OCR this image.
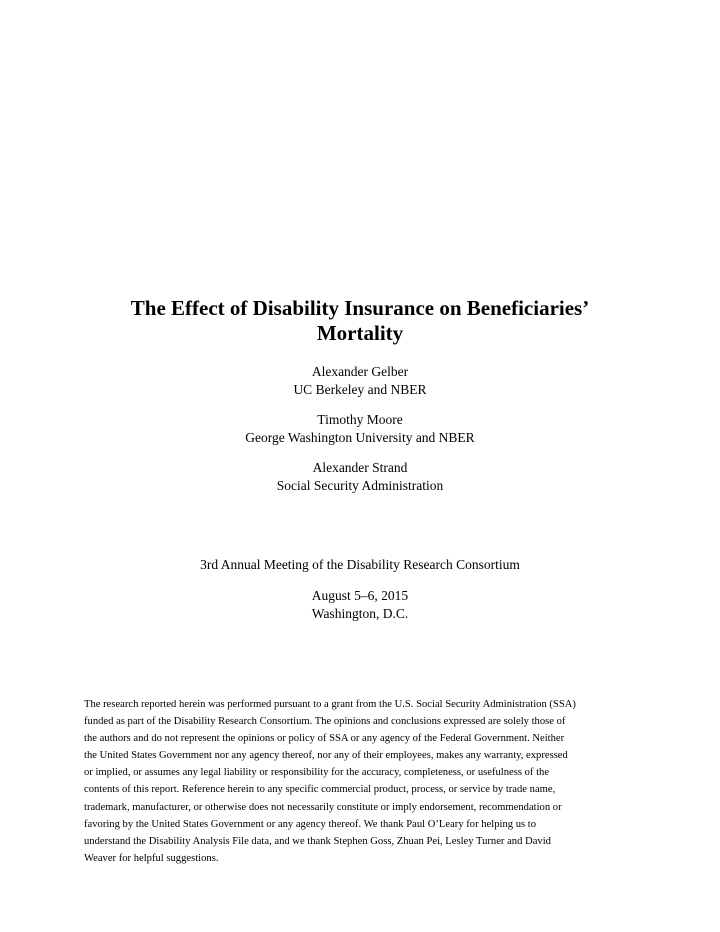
The Effect of Disability Insurance on Beneficiaries’
Mortality
Alexander Gelber
UC Berkeley and NBER
Timothy Moore
George Washington University and NBER
Alexander Strand
Social Security Administration
3rd Annual Meeting of the Disability Research Consortium
August 5–6, 2015
Washington, D.C.
The research reported herein was performed pursuant to a grant from the U.S. Social Security Administration (SSA)
funded as part of the Disability Research Consortium. The opinions and conclusions expressed are solely those of
the authors and do not represent the opinions or policy of SSA or any agency of the Federal Government. Neither
the United States Government nor any agency thereof, nor any of their employees, makes any warranty, expressed
or implied, or assumes any legal liability or responsibility for the accuracy, completeness, or usefulness of the
contents of this report. Reference herein to any specific commercial product, process, or service by trade name,
trademark, manufacturer, or otherwise does not necessarily constitute or imply endorsement, recommendation or
favoring by the United States Government or any agency thereof. We thank Paul O’Leary for helping us to
understand the Disability Analysis File data, and we thank Stephen Goss, Zhuan Pei, Lesley Turner and David
Weaver for helpful suggestions.
